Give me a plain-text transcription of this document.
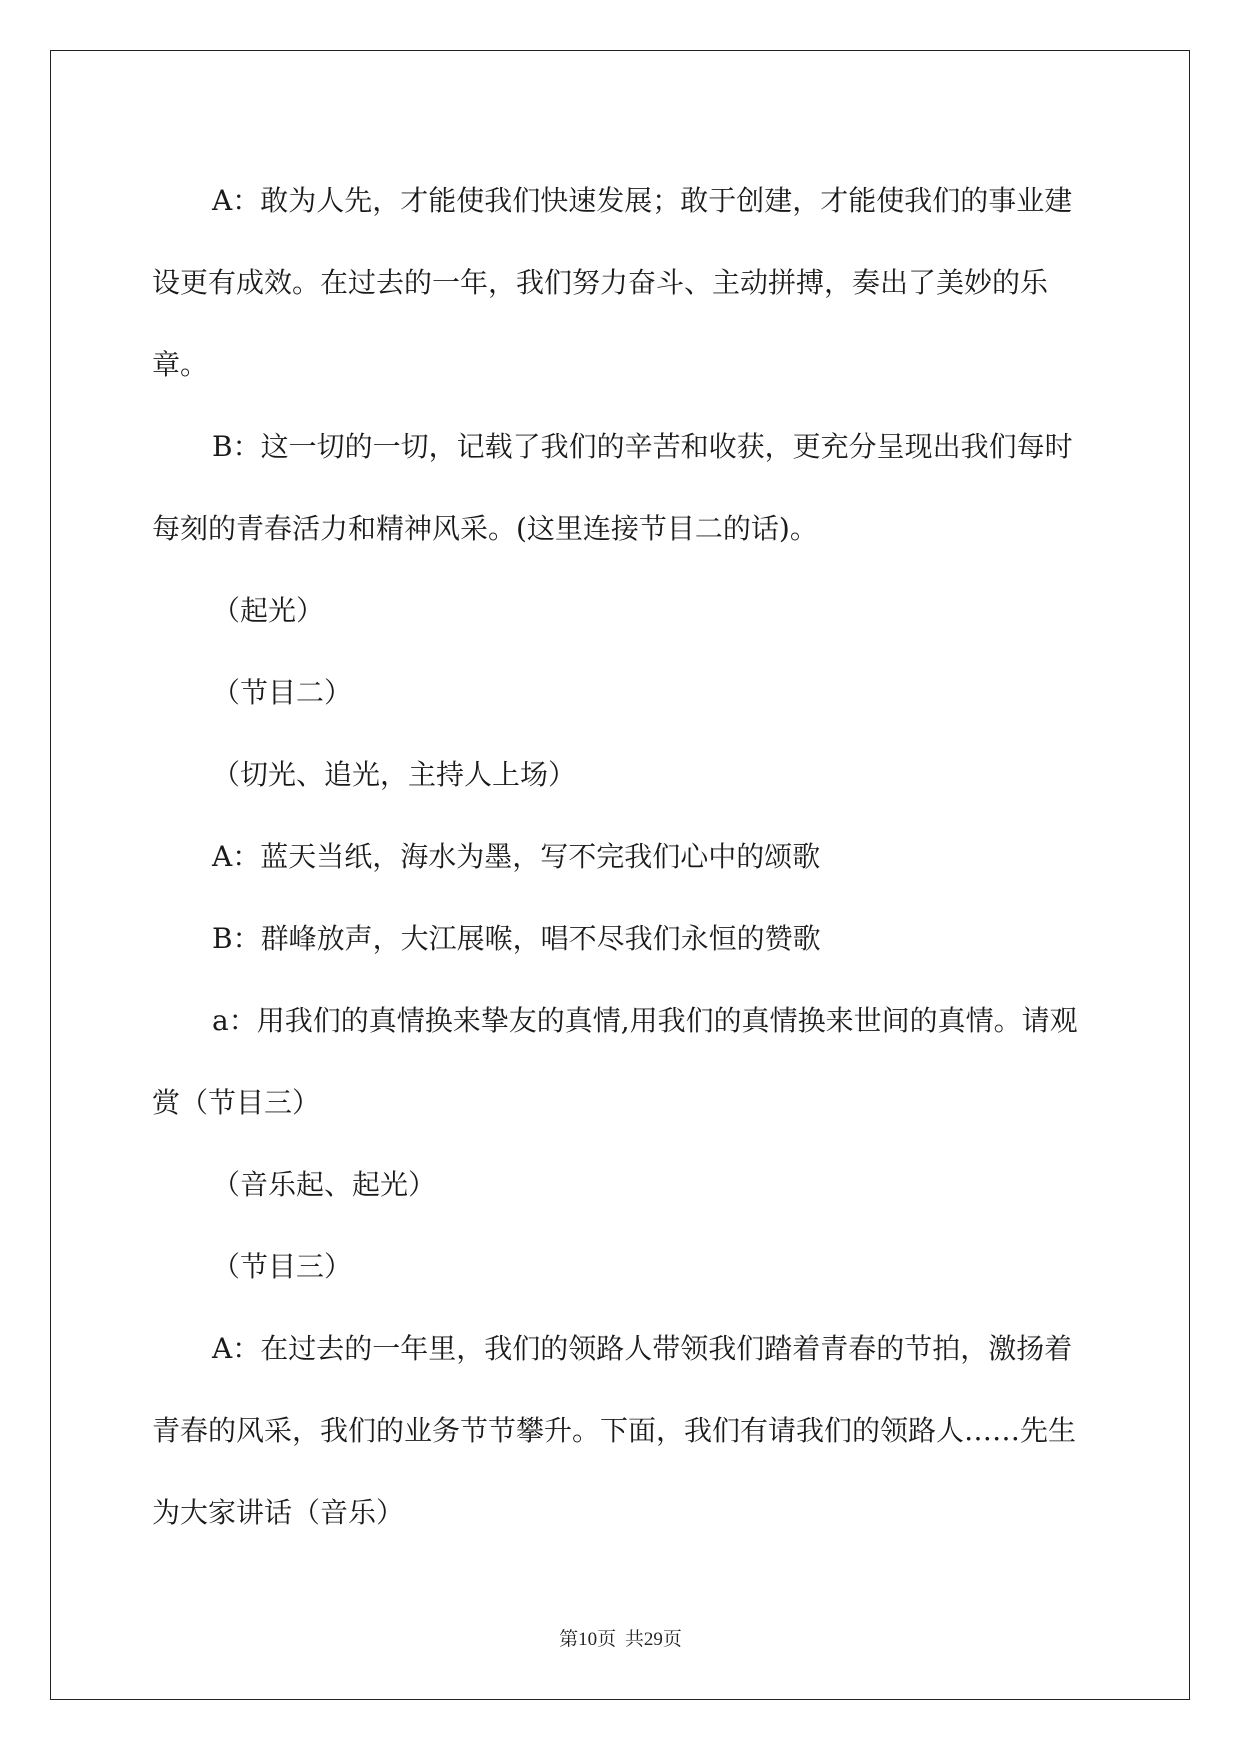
A：敢为人先，才能使我们快速发展；敢于创建，才能使我们的事业建设更有成效。在过去的一年，我们努力奋斗、主动拼搏，奏出了美妙的乐章。

B：这一切的一切，记载了我们的辛苦和收获，更充分呈现出我们每时每刻的青春活力和精神风采。(这里连接节目二的话)。

（起光）

（节目二）

（切光、追光，主持人上场）

A：蓝天当纸，海水为墨，写不完我们心中的颂歌

B：群峰放声，大江展喉，唱不尽我们永恒的赞歌

a：用我们的真情换来挚友的真情,用我们的真情换来世间的真情。请观赏（节目三）

（音乐起、起光）

（节目三）

A：在过去的一年里，我们的领路人带领我们踏着青春的节拍，激扬着青春的风采，我们的业务节节攀升。下面，我们有请我们的领路人……先生为大家讲话（音乐）

第10页 共29页
